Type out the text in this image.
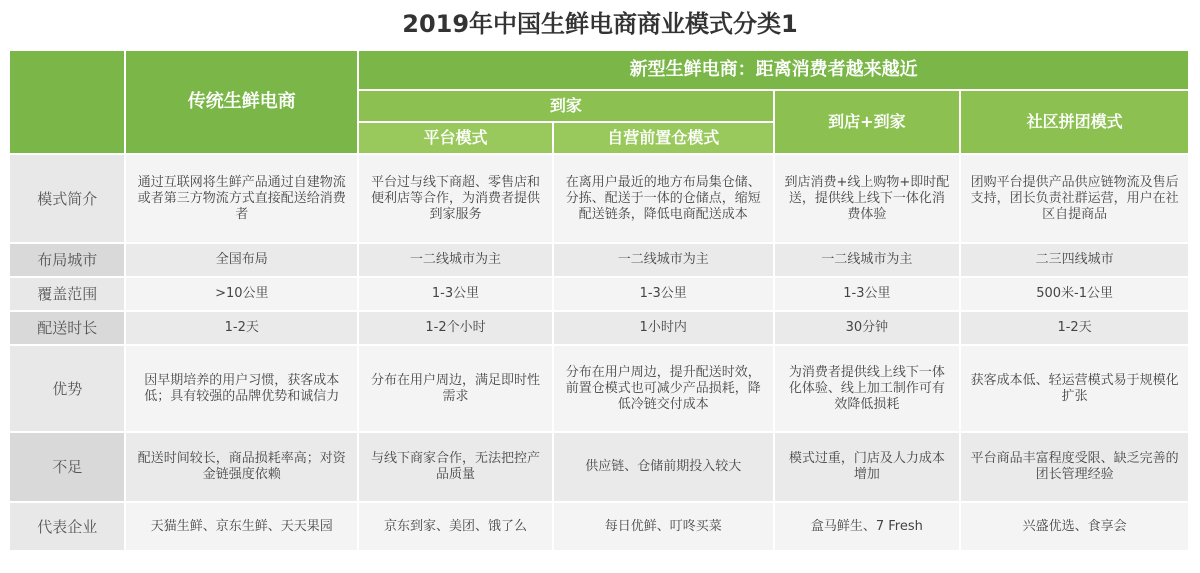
2019年中国生鲜电商商业模式分类1
	传统生鲜电商	新型生鲜电商：距离消费者越来越近			
		到家		到店+到家	社区拼团模式
		平台模式	自营前置仓模式		
模式简介	通过互联网将生鲜产品通过自建物流或者第三方物流方式直接配送给消费者	平台过与线下商超、零售店和便利店等合作，为消费者提供到家服务	在离用户最近的地方布局集仓储、分拣、配送于一体的仓储点，缩短配送链条，降低电商配送成本	到店消费+线上购物+即时配送，提供线上线下一体化消费体验	团购平台提供产品供应链物流及售后支持，团长负责社群运营，用户在社区自提商品
布局城市	全国布局	一二线城市为主	一二线城市为主	一二线城市为主	二三四线城市
覆盖范围	>10公里	1-3公里	1-3公里	1-3公里	500米-1公里
配送时长	1-2天	1-2个小时	1小时内	30分钟	1-2天
优势	因早期培养的用户习惯，获客成本低；具有较强的品牌优势和诚信力	分布在用户周边，满足即时性需求	分布在用户周边，提升配送时效，前置仓模式也可减少产品损耗，降低冷链交付成本	为消费者提供线上线下一体化体验、线上加工制作可有效降低损耗	获客成本低、轻运营模式易于规模化扩张
不足	配送时间较长，商品损耗率高；对资金链强度依赖	与线下商家合作，无法把控产品质量	供应链、仓储前期投入较大	模式过重，门店及人力成本增加	平台商品丰富程度受限、缺乏完善的团长管理经验
代表企业	天猫生鲜、京东生鲜、天天果园	京东到家、美团、饿了么	每日优鲜、叮咚买菜	盒马鲜生、7 Fresh	兴盛优选、食享会
